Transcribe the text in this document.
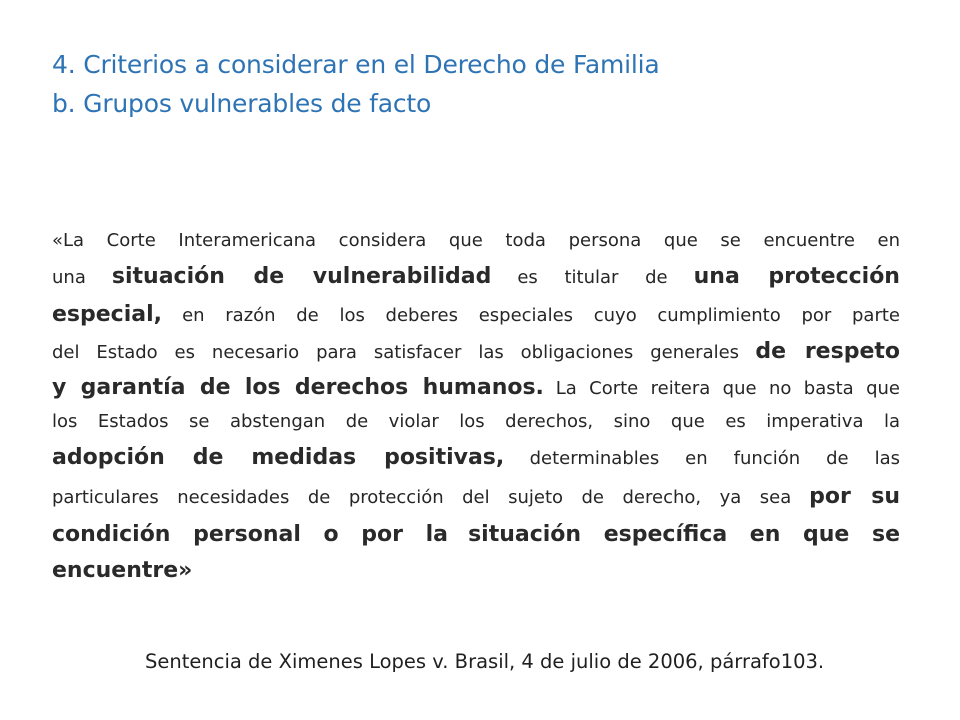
4. Criterios a considerar en el Derecho de Familia
b. Grupos vulnerables de facto
«La Corte Interamericana considera que toda persona que se encuentre en
una situación de vulnerabilidad es titular de una protección
especial, en razón de los deberes especiales cuyo cumplimiento por parte
del Estado es necesario para satisfacer las obligaciones generales de respeto
y garantía de los derechos humanos. La Corte reitera que no basta que
los Estados se abstengan de violar los derechos, sino que es imperativa la
adopción de medidas positivas, determinables en función de las
particulares necesidades de protección del sujeto de derecho, ya sea por su
condición personal o por la situación específica en que se
encuentre»
Sentencia de Ximenes Lopes v. Brasil, 4 de julio de 2006, párrafo103.
